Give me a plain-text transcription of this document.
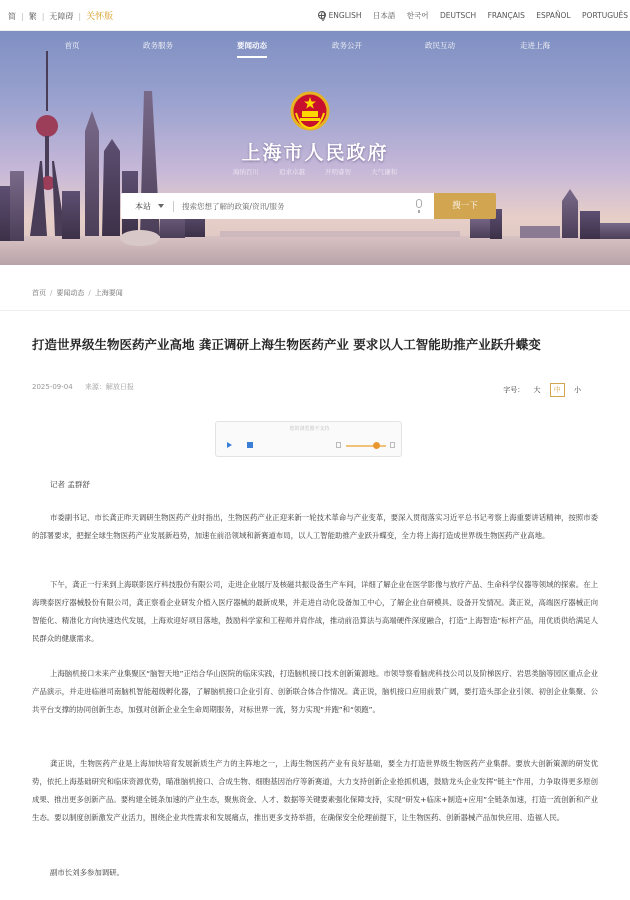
简 | 繁 | 无障碍 | 关怀版	ENGLISH 日本語 한국어 DEUTSCH FRANÇAIS ESPAÑOL PORTUGUÊS
首页	政务服务	要闻动态	政务公开	政民互动	走进上海
上海市人民政府
海纳百川	追求卓越	开明睿智	大气谦和
本站	搜索您想了解的政策/资讯/服务	搜一下
首页 / 要闻动态 / 上海要闻
打造世界级生物医药产业高地 龚正调研上海生物医药产业 要求以人工智能助推产业跃升蝶变
2025-09-04 来源：解放日报	字号： 大 中 小
您的浏览器不支持
记者 孟群舒

市委副书记、市长龚正昨天调研生物医药产业时指出，生物医药产业正迎来新一轮技术革命与产业变革，要深入贯彻落实习近平总书记考察上海重要讲话精神，按照市委的部署要求，把握全球生物医药产业发展新趋势，加速在前沿领域和新赛道布局，以人工智能助推产业跃升蝶变，全力将上海打造成世界级生物医药产业高地。

下午，龚正一行来到上海联影医疗科技股份有限公司，走进企业展厅及核磁共振设备生产车间，详细了解企业在医学影像与放疗产品、生命科学仪器等领域的探索。在上海璞泰医疗器械股份有限公司，龚正察看企业研发介植入医疗器械的最新成果，并走进自动化设备加工中心，了解企业自研模具、设备开发情况。龚正说，高端医疗器械正向智能化、精准化方向快速迭代发展，上海欢迎好项目落地，鼓励科学家和工程师并肩作战，推动前沿算法与高端硬件深度融合，打造“上海智造”标杆产品，用优质供给满足人民群众的健康需求。

上海脑机接口未来产业集聚区“脑智天地”正结合华山医院的临床实践，打造脑机接口技术创新策源地。市领导察看脑虎科技公司以及阶梯医疗、岩思类脑等园区重点企业产品演示，并走进临港司南脑机智能超级孵化器，了解脑机接口企业引育、创新联合体合作情况。龚正说，脑机接口应用前景广阔，要打造头部企业引领、初创企业集聚、公共平台支撑的协同创新生态，加强对创新企业全生命周期服务，对标世界一流，努力实现“并跑”和“领跑”。

龚正说，生物医药产业是上海加快培育发展新质生产力的主阵地之一，上海生物医药产业有良好基础，要全力打造世界级生物医药产业集群。要放大创新策源的研发优势，依托上海基础研究和临床资源优势，瞄准脑机接口、合成生物、细胞基因治疗等新赛道，大力支持创新企业抢抓机遇，鼓励龙头企业发挥“链主”作用，力争取得更多原创成果、推出更多创新产品。要构建全链条加速的产业生态，聚焦资金、人才、数据等关键要素强化保障支持，实现“研发+临床+制造+应用”全链条加速，打造一流创新和产业生态。要以制度创新激发产业活力，围绕企业共性需求和发展痛点，推出更多支持举措，在确保安全伦理前提下，让生物医药、创新器械产品加快应用、造福人民。

副市长刘多参加调研。
